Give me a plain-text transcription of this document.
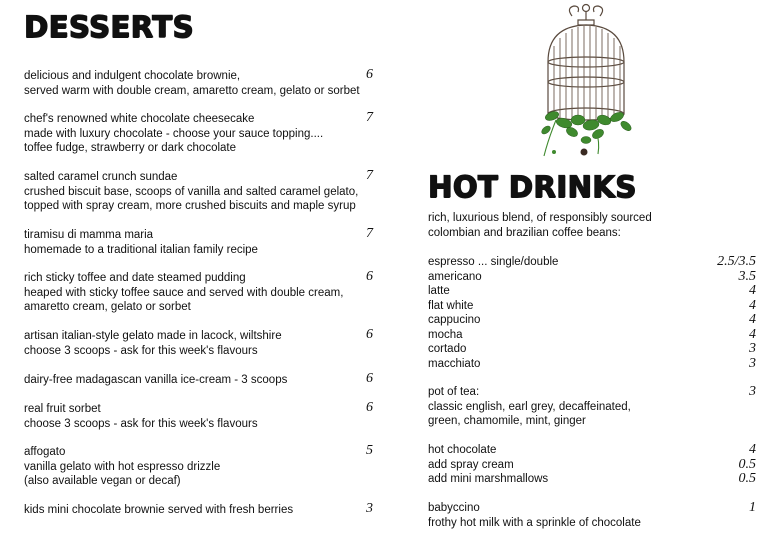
DESSERTS
delicious and indulgent chocolate brownie,
served warm with double cream, amaretto cream, gelato or sorbet
6
chef's renowned white chocolate cheesecake
made with luxury chocolate - choose your sauce topping....
toffee fudge, strawberry or dark chocolate
7
salted caramel crunch sundae
crushed biscuit base, scoops of vanilla and salted caramel gelato,
topped with spray cream, more crushed biscuits and maple syrup
7
tiramisu di mamma maria
homemade to a traditional italian family recipe
7
rich sticky toffee and date steamed pudding
heaped with sticky toffee sauce and served with double cream,
amaretto cream, gelato or sorbet
6
artisan italian-style gelato made in lacock, wiltshire
choose 3 scoops - ask for this week's flavours
6
dairy-free madagascan vanilla ice-cream - 3 scoops	6
real fruit sorbet
choose 3 scoops - ask for this week's flavours
6
affogato
vanilla gelato with hot espresso drizzle
(also available vegan or decaf)
5
kids mini chocolate brownie served with fresh berries	3
HOT DRINKS
rich, luxurious blend, of responsibly sourced
colombian and brazilian coffee beans:
espresso ... single/double	2.5/3.5
americano	3.5
latte	4
flat white	4
cappucino	4
mocha	4
cortado	3
macchiato	3
pot of tea:
classic english, earl grey, decaffeinated,
green, chamomile, mint, ginger
3
hot chocolate	4
add spray cream	0.5
add mini marshmallows	0.5
babyccino
frothy hot milk with a sprinkle of chocolate
1
